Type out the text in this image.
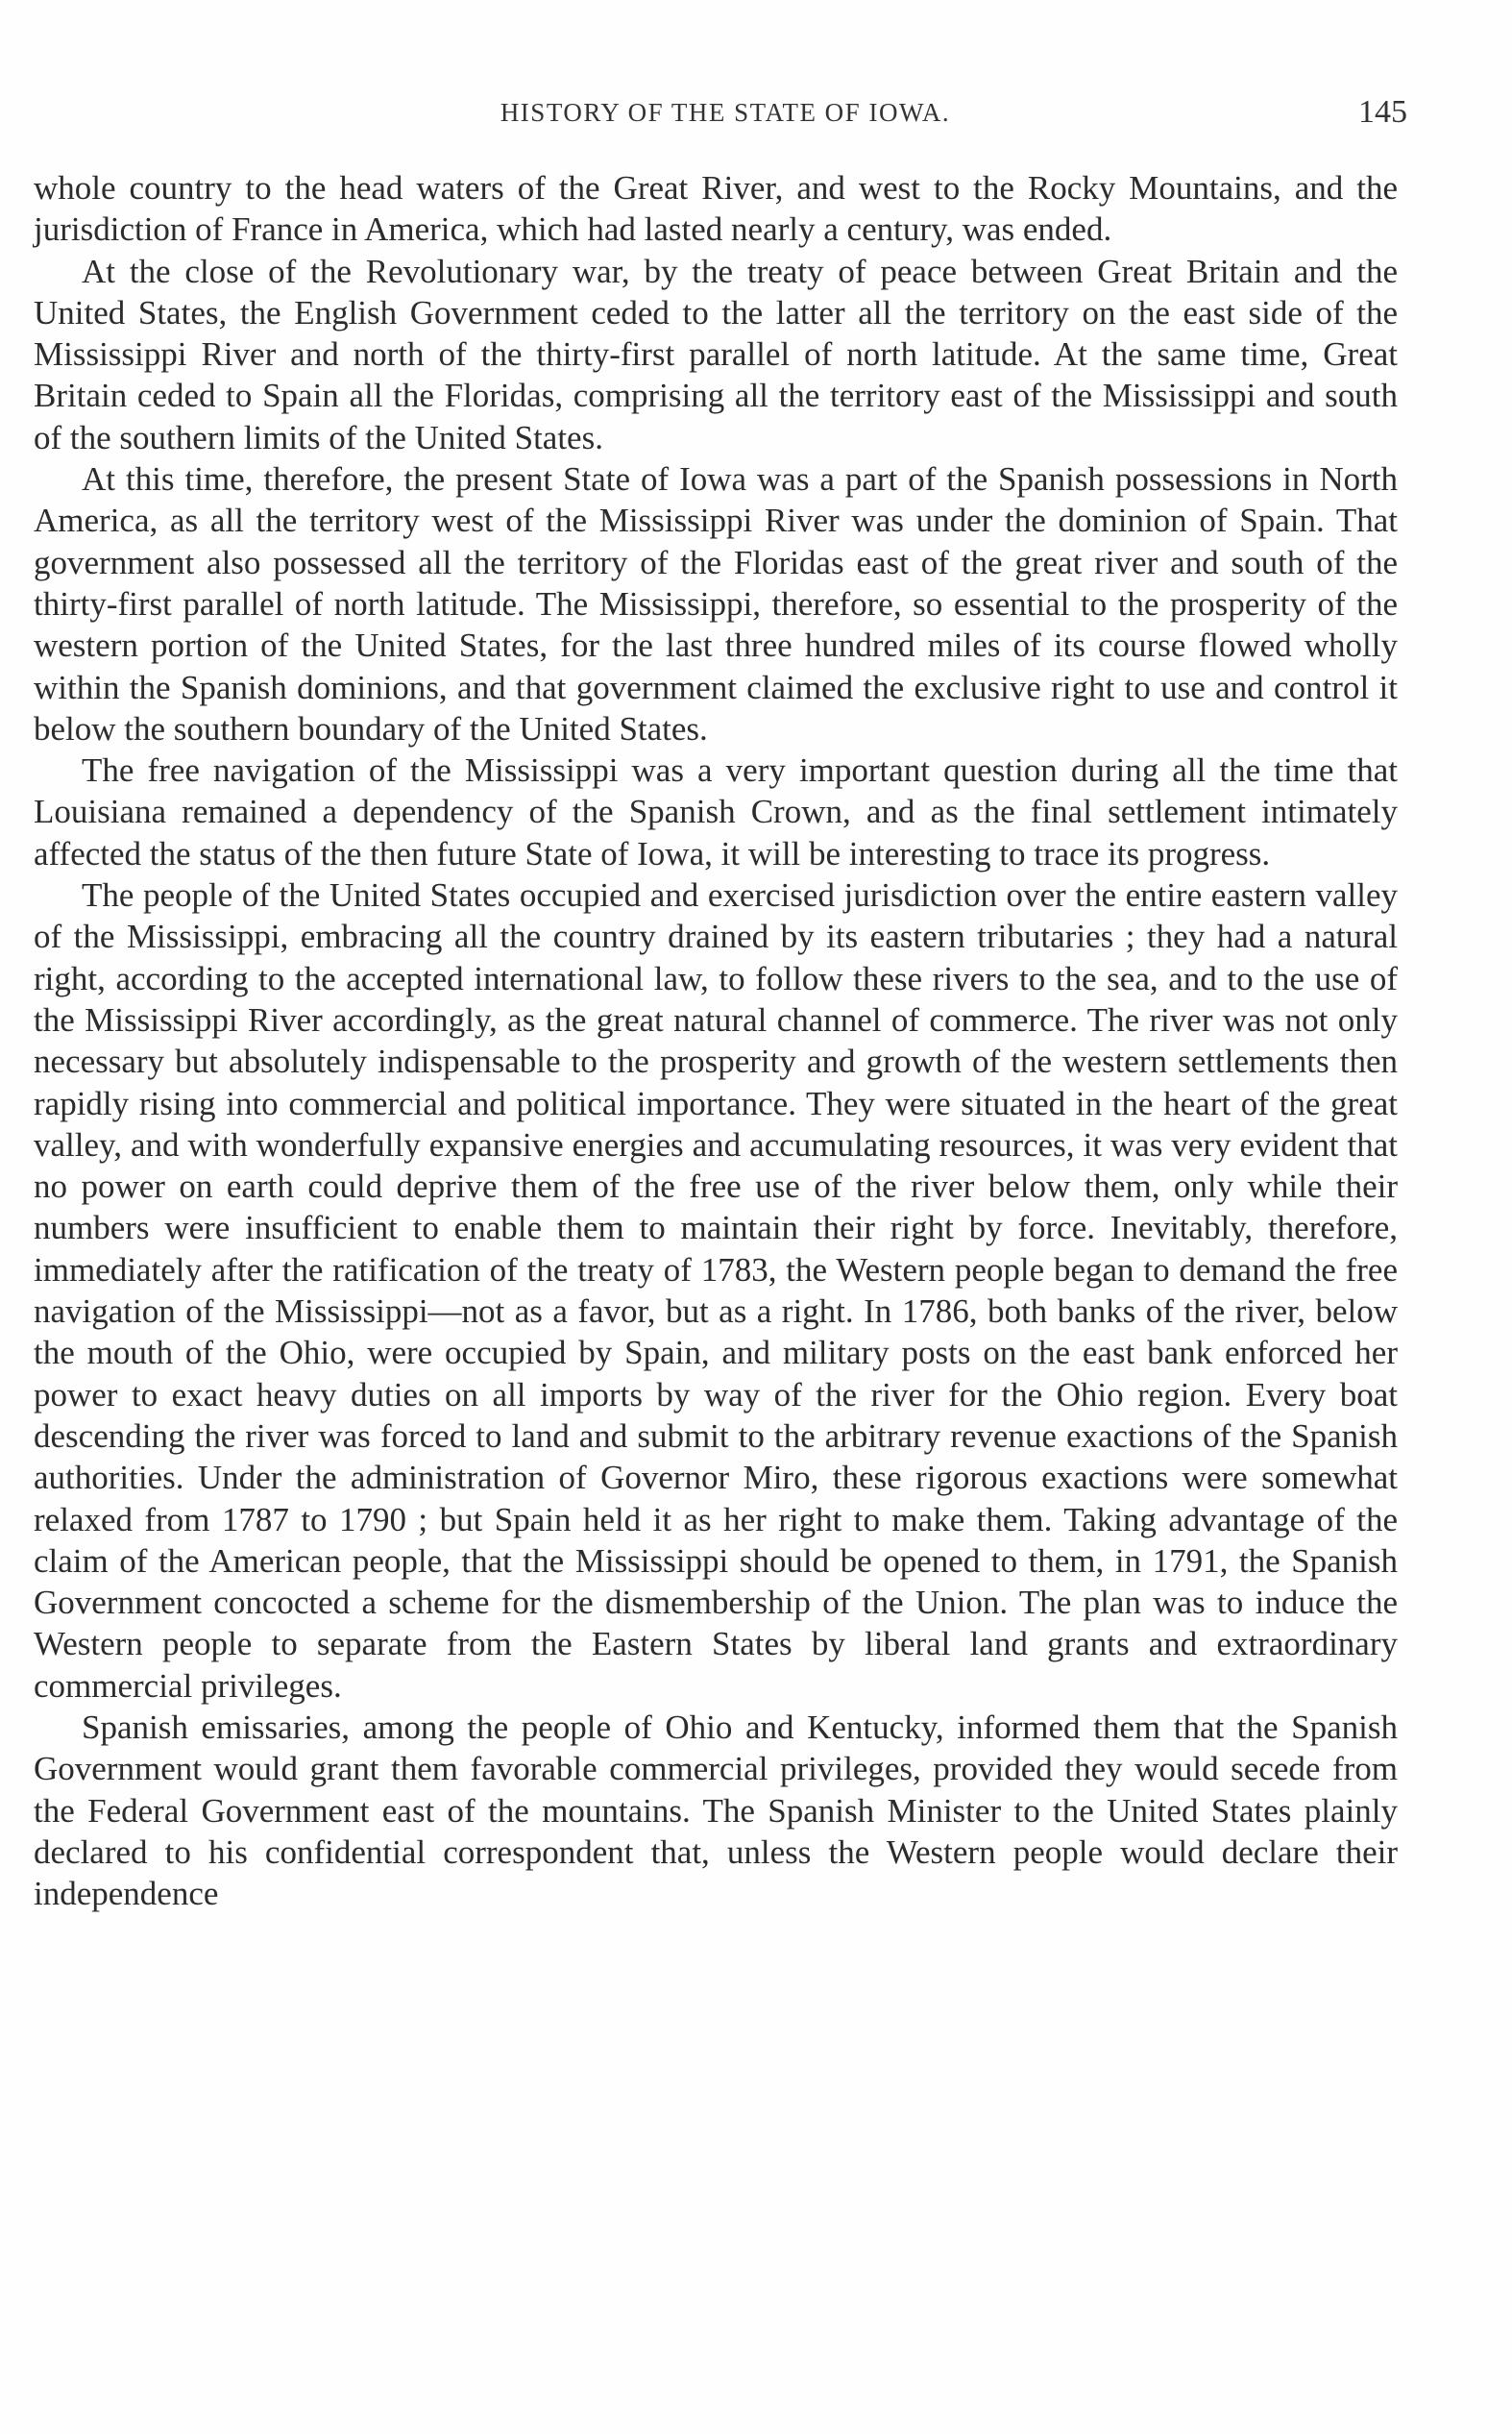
HISTORY OF THE STATE OF IOWA.	145

whole country to the head waters of the Great River, and west to the Rocky Mountains, and the jurisdiction of France in America, which had lasted nearly a century, was ended.

At the close of the Revolutionary war, by the treaty of peace between Great Britain and the United States, the English Government ceded to the latter all the territory on the east side of the Mississippi River and north of the thirty-first parallel of north latitude. At the same time, Great Britain ceded to Spain all the Floridas, comprising all the territory east of the Mississippi and south of the southern limits of the United States.

At this time, therefore, the present State of Iowa was a part of the Spanish possessions in North America, as all the territory west of the Mississippi River was under the dominion of Spain. That government also possessed all the territory of the Floridas east of the great river and south of the thirty-first parallel of north latitude. The Mississippi, therefore, so essential to the prosperity of the western portion of the United States, for the last three hundred miles of its course flowed wholly within the Spanish dominions, and that government claimed the exclusive right to use and control it below the southern boundary of the United States.

The free navigation of the Mississippi was a very important question during all the time that Louisiana remained a dependency of the Spanish Crown, and as the final settlement intimately affected the status of the then future State of Iowa, it will be interesting to trace its progress.

The people of the United States occupied and exercised jurisdiction over the entire eastern valley of the Mississippi, embracing all the country drained by its eastern tributaries ; they had a natural right, according to the accepted international law, to follow these rivers to the sea, and to the use of the Mississippi River accordingly, as the great natural channel of commerce. The river was not only necessary but absolutely indispensable to the prosperity and growth of the western settlements then rapidly rising into commercial and political importance. They were situated in the heart of the great valley, and with wonderfully expansive energies and accumulating resources, it was very evident that no power on earth could deprive them of the free use of the river below them, only while their numbers were insufficient to enable them to maintain their right by force. Inevitably, therefore, immediately after the ratification of the treaty of 1783, the Western people began to demand the free navigation of the Mississippi—not as a favor, but as a right. In 1786, both banks of the river, below the mouth of the Ohio, were occupied by Spain, and military posts on the east bank enforced her power to exact heavy duties on all imports by way of the river for the Ohio region. Every boat descending the river was forced to land and submit to the arbitrary revenue exactions of the Spanish authorities. Under the administration of Governor Miro, these rigorous exactions were somewhat relaxed from 1787 to 1790 ; but Spain held it as her right to make them. Taking advantage of the claim of the American people, that the Mississippi should be opened to them, in 1791, the Spanish Government concocted a scheme for the dismembership of the Union. The plan was to induce the Western people to separate from the Eastern States by liberal land grants and extraordinary commercial privileges.

Spanish emissaries, among the people of Ohio and Kentucky, informed them that the Spanish Government would grant them favorable commercial privileges, provided they would secede from the Federal Government east of the mountains. The Spanish Minister to the United States plainly declared to his confidential correspondent that, unless the Western people would declare their independence
